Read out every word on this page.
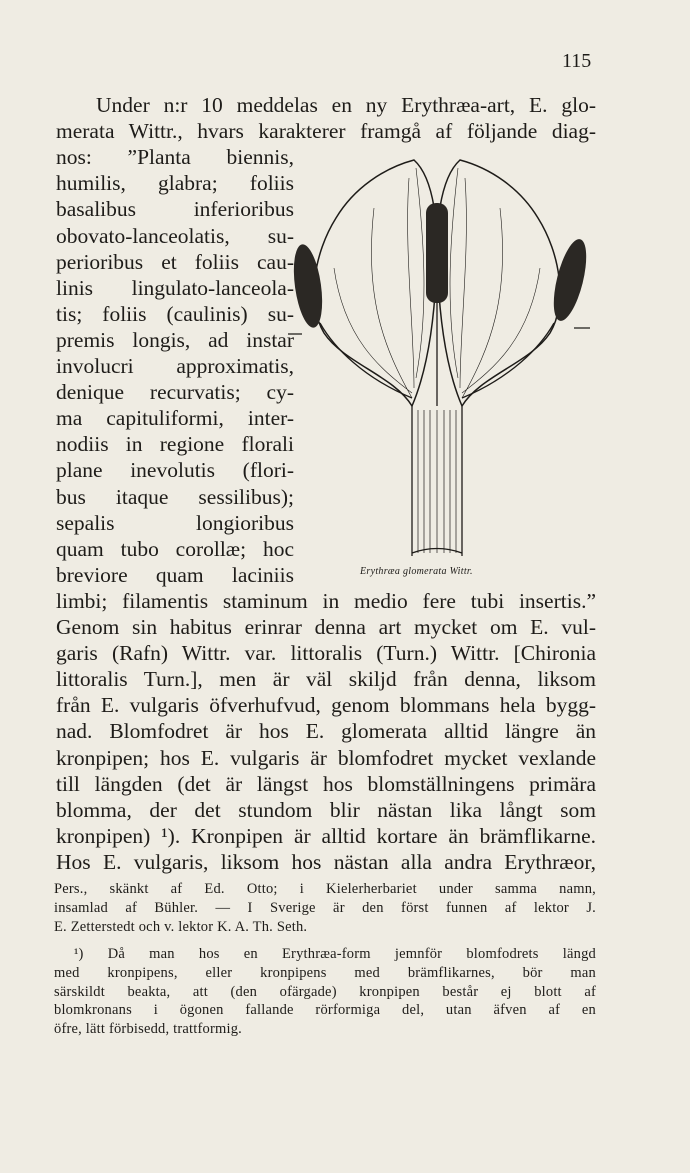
115
Under n:r 10 meddelas en ny Erythræa-art, E. glo-
merata Wittr., hvars karakterer framgå af följande diag-
nos: ”Planta biennis,
humilis, glabra; foliis
basalibus inferioribus
obovato-lanceolatis, su-
perioribus et foliis cau-
linis lingulato-lanceola-
tis; foliis (caulinis) su-
premis longis, ad instar
involucri approximatis,
denique recurvatis; cy-
ma capituliformi, inter-
nodiis in regione florali
plane inevolutis (flori-
bus itaque sessilibus);
sepalis longioribus
quam tubo corollæ; hoc
breviore quam laciniis
limbi; filamentis staminum in medio fere tubi insertis.”
Genom sin habitus erinrar denna art mycket om E. vul-
garis (Rafn) Wittr. var. littoralis (Turn.) Wittr. [Chironia
littoralis Turn.], men är väl skiljd från denna, liksom
från E. vulgaris öfverhufvud, genom blommans hela bygg-
nad. Blomfodret är hos E. glomerata alltid längre än
kronpipen; hos E. vulgaris är blomfodret mycket vexlande
till längden (det är längst hos blomställningens primära
blomma, der det stundom blir nästan lika långt som
kronpipen) ¹). Kronpipen är alltid kortare än brämflikarne.
Hos E. vulgaris, liksom hos nästan alla andra Erythræor,
Erythræa glomerata Wittr.
Pers., skänkt af Ed. Otto; i Kielerherbariet under samma namn,
insamlad af Bühler. — I Sverige är den först funnen af lektor J.
E. Zetterstedt och v. lektor K. A. Th. Seth.
¹) Då man hos en Erythræa-form jemnför blomfodrets längd
med kronpipens, eller kronpipens med brämflikarnes, bör man
särskildt beakta, att (den ofärgade) kronpipen består ej blott af
blomkronans i ögonen fallande rörformiga del, utan äfven af en
öfre, lätt förbisedd, trattformig.
